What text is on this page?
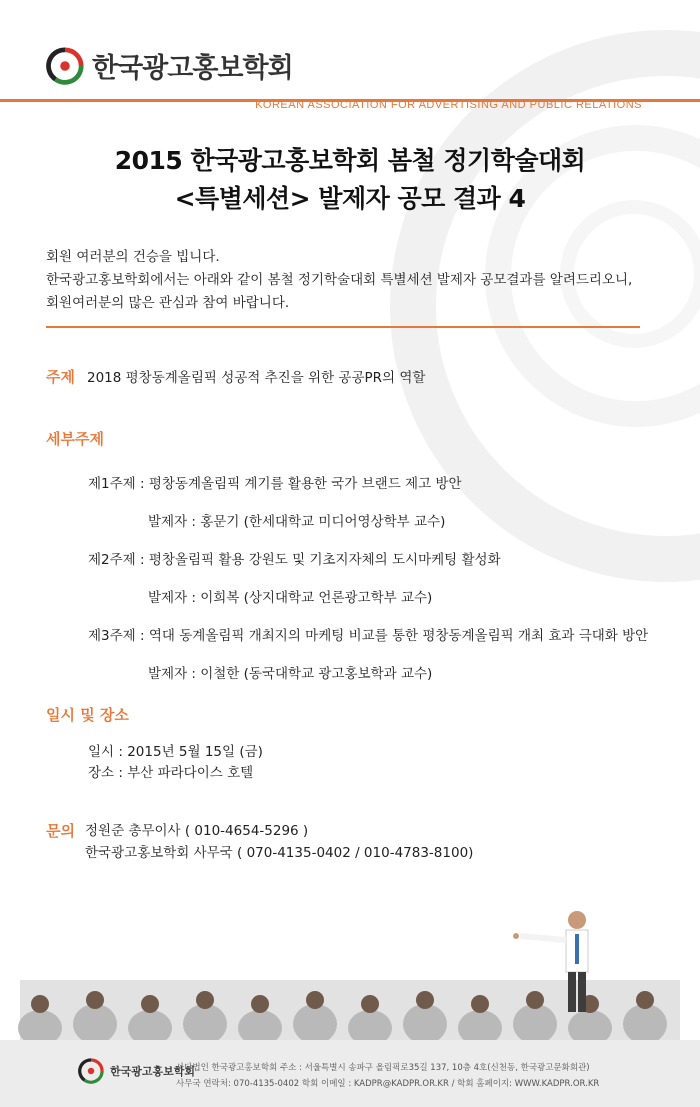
한국광고홍보학회
KOREAN ASSOCIATION FOR ADVERTISING AND PUBLIC RELATIONS
2015 한국광고홍보학회 봄철 정기학술대회
<특별세션> 발제자 공모 결과 4
회원 여러분의 건승을 빕니다.
한국광고홍보학회에서는 아래와 같이 봄철 정기학술대회 특별세션 발제자 공모결과를 알려드리오니,
회원여러분의 많은 관심과 참여 바랍니다.
주제 2018 평창동계올림픽 성공적 추진을 위한 공공PR의 역할
세부주제
제1주제 : 평창동계올림픽 계기를 활용한 국가 브랜드 제고 방안
발제자 : 홍문기 (한세대학교 미디어영상학부 교수)
제2주제 : 평창올림픽 활용 강원도 및 기초지자체의 도시마케팅 활성화
발제자 : 이희복 (상지대학교 언론광고학부 교수)
제3주제 : 역대 동계올림픽 개최지의 마케팅 비교를 통한 평창동계올림픽 개최 효과 극대화 방안
발제자 : 이철한 (동국대학교 광고홍보학과 교수)
일시 및 장소
일시 : 2015년 5월 15일 (금)
장소 : 부산 파라다이스 호텔
문의 정원준 총무이사 ( 010-4654-5296 )
한국광고홍보학회 사무국 ( 070-4135-0402 / 010-4783-8100)
한국광고홍보학회
사단법인 한국광고홍보학회 주소 : 서울특별시 송파구 올림픽로35길 137, 10층 4호(신천동, 한국광고문화회관)
사무국 연락처: 070-4135-0402 학회 이메일 : KADPR@KADPR.OR.KR / 학회 홈페이지: WWW.KADPR.OR.KR
